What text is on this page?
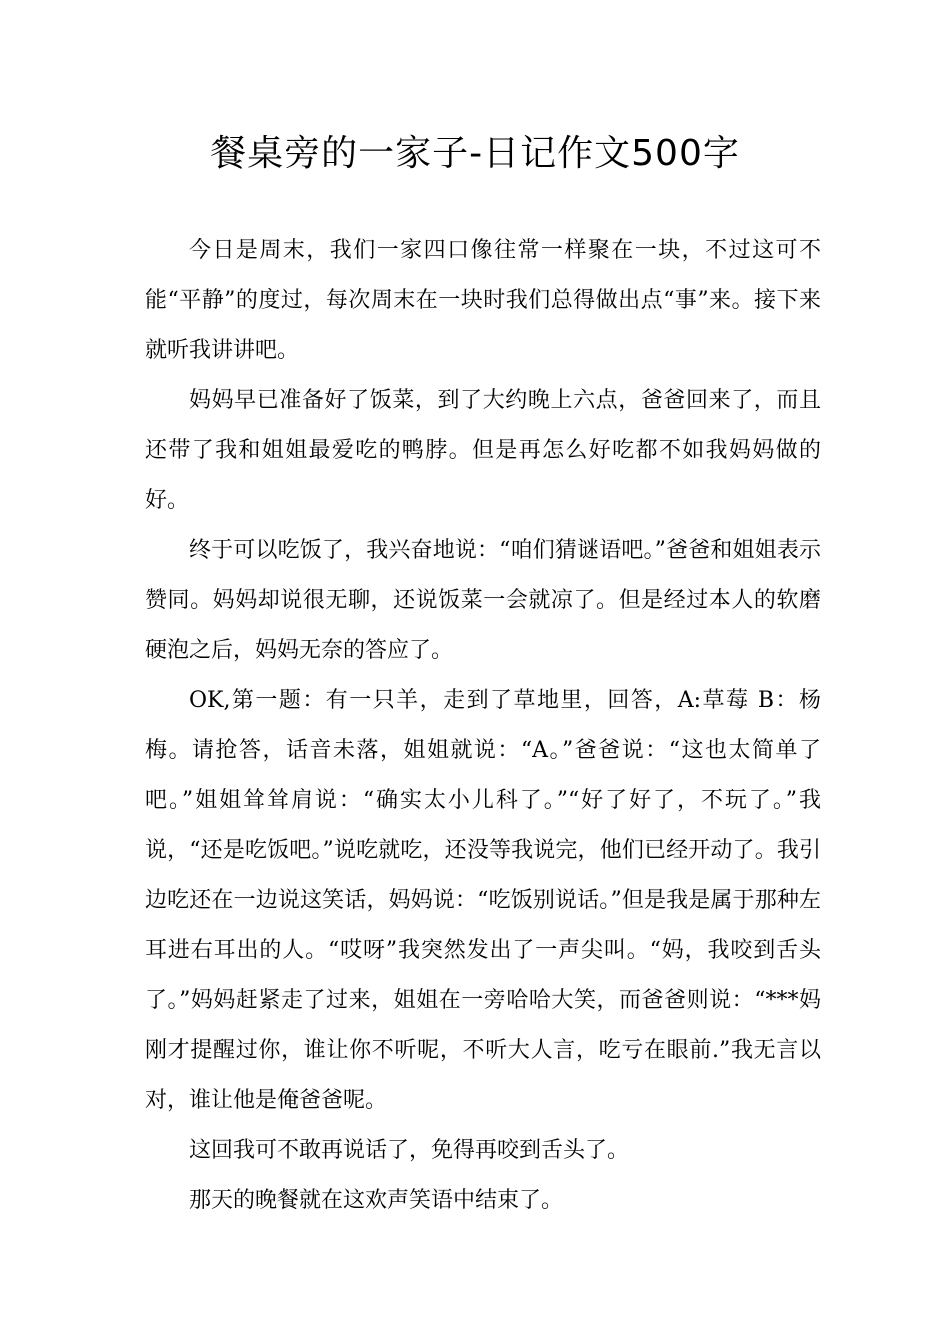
餐桌旁的一家子-日记作文500字

今日是周末，我们一家四口像往常一样聚在一块，不过这可不能“平静”的度过，每次周末在一块时我们总得做出点“事”来。接下来就听我讲讲吧。

妈妈早已准备好了饭菜，到了大约晚上六点，爸爸回来了，而且还带了我和姐姐最爱吃的鸭脖。但是再怎么好吃都不如我妈妈做的好。

终于可以吃饭了，我兴奋地说：“咱们猜谜语吧。”爸爸和姐姐表示赞同。妈妈却说很无聊，还说饭菜一会就凉了。但是经过本人的软磨硬泡之后，妈妈无奈的答应了。

OK,第一题：有一只羊，走到了草地里，回答，A:草莓 B：杨梅。请抢答，话音未落，姐姐就说：“A。”爸爸说：“这也太简单了吧。”姐姐耸耸肩说：“确实太小儿科了。”“好了好了，不玩了。”我说，“还是吃饭吧。”说吃就吃，还没等我说完，他们已经开动了。我引边吃还在一边说这笑话，妈妈说：“吃饭别说话。”但是我是属于那种左耳进右耳出的人。“哎呀”我突然发出了一声尖叫。“妈，我咬到舌头了。”妈妈赶紧走了过来，姐姐在一旁哈哈大笑，而爸爸则说：“***妈刚才提醒过你，谁让你不听呢，不听大人言，吃亏在眼前.”我无言以对，谁让他是俺爸爸呢。

这回我可不敢再说话了，免得再咬到舌头了。

那天的晚餐就在这欢声笑语中结束了。
